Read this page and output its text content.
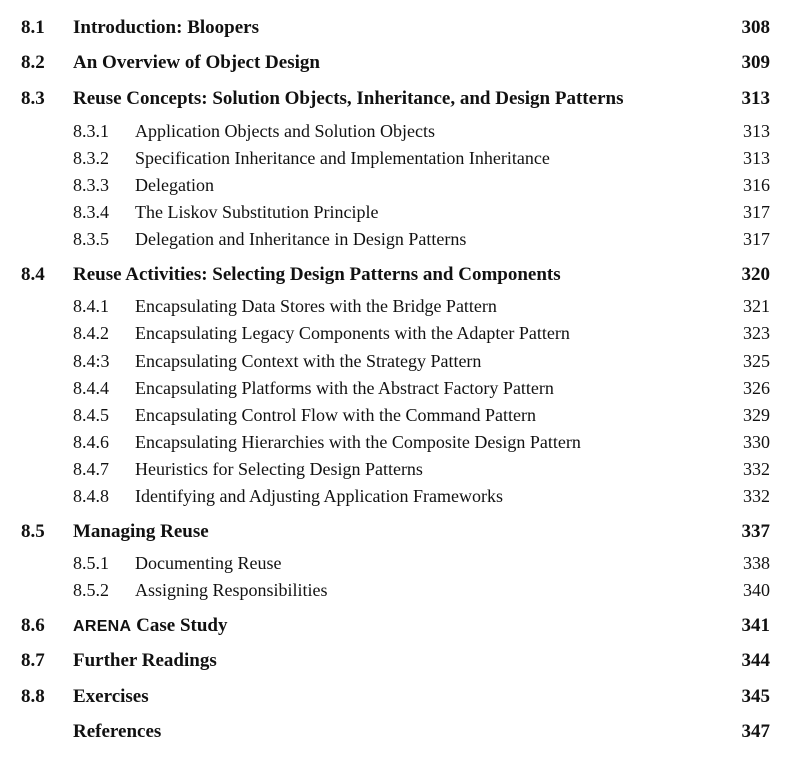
8.1 Introduction: Bloopers	308
8.2 An Overview of Object Design	309
8.3 Reuse Concepts: Solution Objects, Inheritance, and Design Patterns	313
8.3.1 Application Objects and Solution Objects	313
8.3.2 Specification Inheritance and Implementation Inheritance	313
8.3.3 Delegation	316
8.3.4 The Liskov Substitution Principle	317
8.3.5 Delegation and Inheritance in Design Patterns	317
8.4 Reuse Activities: Selecting Design Patterns and Components	320
8.4.1 Encapsulating Data Stores with the Bridge Pattern	321
8.4.2 Encapsulating Legacy Components with the Adapter Pattern	323
8.4:3 Encapsulating Context with the Strategy Pattern	325
8.4.4 Encapsulating Platforms with the Abstract Factory Pattern	326
8.4.5 Encapsulating Control Flow with the Command Pattern	329
8.4.6 Encapsulating Hierarchies with the Composite Design Pattern	330
8.4.7 Heuristics for Selecting Design Patterns	332
8.4.8 Identifying and Adjusting Application Frameworks	332
8.5 Managing Reuse	337
8.5.1 Documenting Reuse	338
8.5.2 Assigning Responsibilities	340
8.6 ARENA Case Study	341
8.7 Further Readings	344
8.8 Exercises	345
References	347
